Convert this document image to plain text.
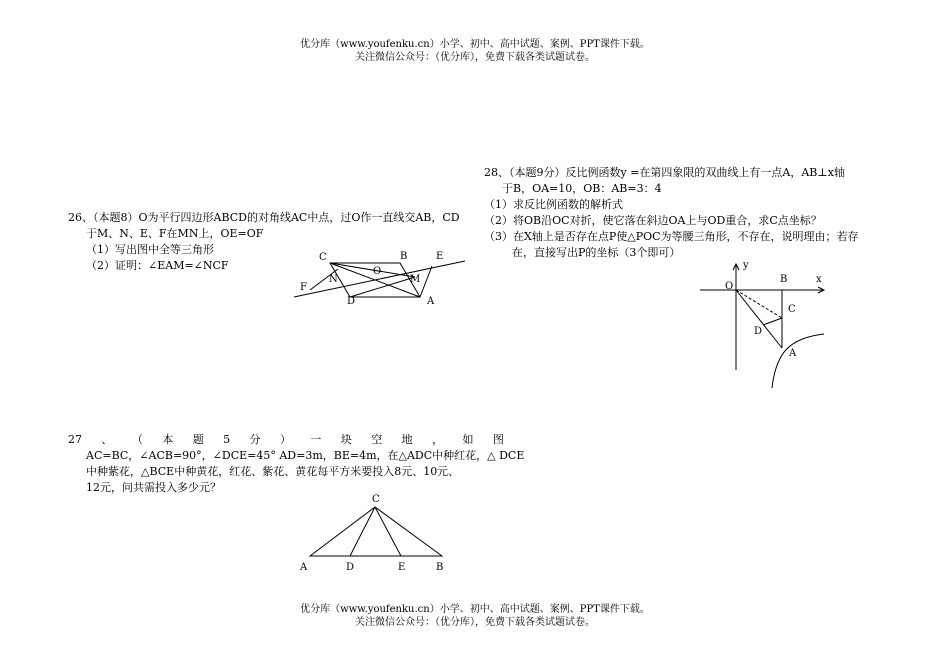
优分库（www.youfenku.cn）小学、初中、高中试题、案例、PPT课件下载。
关注微信公众号：（优分库），免费下载各类试题试卷。

26、（本题8）O为平行四边形ABCD的对角线AC中点，过O作一直线交AB，CD

于M、N、E、F在MN上，OE=OF

（1）写出图中全等三角形

（2）证明：∠EAM=∠NCF

27 、 （ 本 题 5 分 ） 一 块 空 地 ， 如 图

AC=BC，∠ACB=90°，∠DCE=45° AD=3m，BE=4m，在△ADC中种红花，△ DCE

中种紫花，△BCE中种黄花，红花、紫花、黄花每平方米要投入8元、10元、

12元，问共需投入多少元？

28、（本题9分）反比例函数y =在第四象限的双曲线上有一点A，AB⊥x轴

于B，OA=10，OB：AB=3：4

（1）求反比例函数的解析式

（2）将OB沿OC对折，使它落在斜边OA上与OD重合，求C点坐标？

（3）在X轴上是否存在点P使△POC为等腰三角形，不存在，说明理由；若存

在，直接写出P的坐标（3个即可）

C	B	E
N
O
M
F
D	A
C
A	D	E	B
y
x
O
B
C
D
A
优分库（www.youfenku.cn）小学、初中、高中试题、案例、PPT课件下载。
关注微信公众号：（优分库），免费下载各类试题试卷。
